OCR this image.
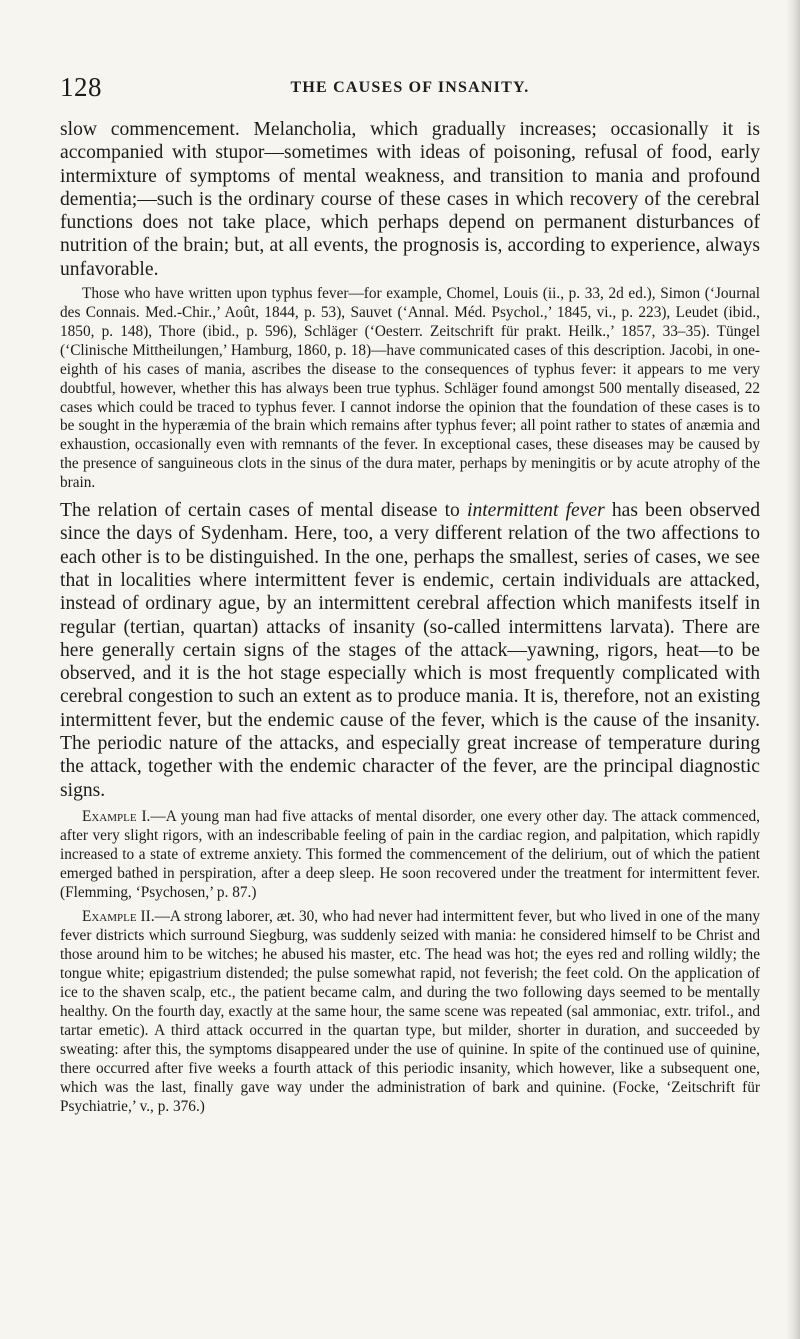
128	THE CAUSES OF INSANITY.

slow commencement. Melancholia, which gradually increases; occasionally it is accompanied with stupor—sometimes with ideas of poisoning, refusal of food, early intermixture of symptoms of mental weakness, and transition to mania and profound dementia;—such is the ordinary course of these cases in which recovery of the cerebral functions does not take place, which perhaps depend on permanent disturbances of nutrition of the brain; but, at all events, the prognosis is, according to experience, always unfavorable.

Those who have written upon typhus fever—for example, Chomel, Louis (ii., p. 33, 2d ed.), Simon (‘Journal des Connais. Med.-Chir.,’ Août, 1844, p. 53), Sauvet (‘Annal. Méd. Psychol.,’ 1845, vi., p. 223), Leudet (ibid., 1850, p. 148), Thore (ibid., p. 596), Schläger (‘Oesterr. Zeitschrift für prakt. Heilk.,’ 1857, 33–35). Tüngel (‘Clinische Mittheilungen,’ Hamburg, 1860, p. 18)—have communicated cases of this description. Jacobi, in one-eighth of his cases of mania, ascribes the disease to the consequences of typhus fever: it appears to me very doubtful, however, whether this has always been true typhus. Schläger found amongst 500 mentally diseased, 22 cases which could be traced to typhus fever. I cannot indorse the opinion that the foundation of these cases is to be sought in the hyperæmia of the brain which remains after typhus fever; all point rather to states of anæmia and exhaustion, occasionally even with remnants of the fever. In exceptional cases, these diseases may be caused by the presence of sanguineous clots in the sinus of the dura mater, perhaps by meningitis or by acute atrophy of the brain.

The relation of certain cases of mental disease to intermittent fever has been observed since the days of Sydenham. Here, too, a very different relation of the two affections to each other is to be distinguished. In the one, perhaps the smallest, series of cases, we see that in localities where intermittent fever is endemic, certain individuals are attacked, instead of ordinary ague, by an intermittent cerebral affection which manifests itself in regular (tertian, quartan) attacks of insanity (so-called intermittens larvata). There are here generally certain signs of the stages of the attack—yawning, rigors, heat—to be observed, and it is the hot stage especially which is most frequently complicated with cerebral congestion to such an extent as to produce mania. It is, therefore, not an existing intermittent fever, but the endemic cause of the fever, which is the cause of the insanity. The periodic nature of the attacks, and especially great increase of temperature during the attack, together with the endemic character of the fever, are the principal diagnostic signs.

Example I.—A young man had five attacks of mental disorder, one every other day. The attack commenced, after very slight rigors, with an indescribable feeling of pain in the cardiac region, and palpitation, which rapidly increased to a state of extreme anxiety. This formed the commencement of the delirium, out of which the patient emerged bathed in perspiration, after a deep sleep. He soon recovered under the treatment for intermittent fever. (Flemming, ‘Psychosen,’ p. 87.)

Example II.—A strong laborer, æt. 30, who had never had intermittent fever, but who lived in one of the many fever districts which surround Siegburg, was suddenly seized with mania: he considered himself to be Christ and those around him to be witches; he abused his master, etc. The head was hot; the eyes red and rolling wildly; the tongue white; epigastrium distended; the pulse somewhat rapid, not feverish; the feet cold. On the application of ice to the shaven scalp, etc., the patient became calm, and during the two following days seemed to be mentally healthy. On the fourth day, exactly at the same hour, the same scene was repeated (sal ammoniac, extr. trifol., and tartar emetic). A third attack occurred in the quartan type, but milder, shorter in duration, and succeeded by sweating: after this, the symptoms disappeared under the use of quinine. In spite of the continued use of quinine, there occurred after five weeks a fourth attack of this periodic insanity, which however, like a subsequent one, which was the last, finally gave way under the administration of bark and quinine. (Focke, ‘Zeitschrift für Psychiatrie,’ v., p. 376.)
